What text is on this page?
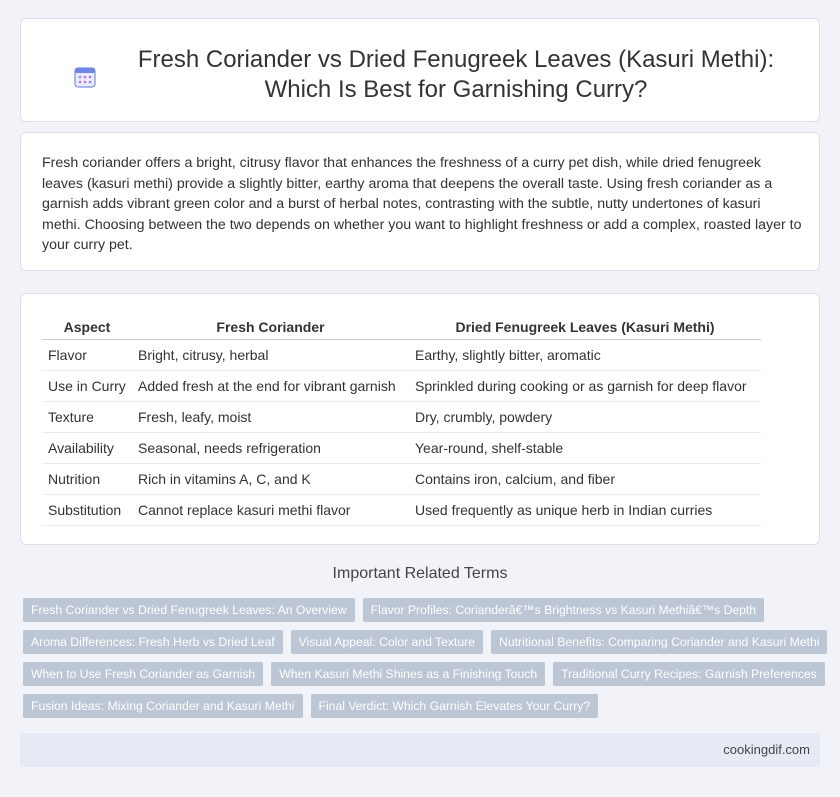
Fresh Coriander vs Dried Fenugreek Leaves (Kasuri Methi): Which Is Best for Garnishing Curry?

Fresh coriander offers a bright, citrusy flavor that enhances the freshness of a curry pet dish, while dried fenugreek leaves (kasuri methi) provide a slightly bitter, earthy aroma that deepens the overall taste. Using fresh coriander as a garnish adds vibrant green color and a burst of herbal notes, contrasting with the subtle, nutty undertones of kasuri methi. Choosing between the two depends on whether you want to highlight freshness or add a complex, roasted layer to your curry pet.

Aspect	Fresh Coriander	Dried Fenugreek Leaves (Kasuri Methi)
Flavor	Bright, citrusy, herbal	Earthy, slightly bitter, aromatic
Use in Curry	Added fresh at the end for vibrant garnish	Sprinkled during cooking or as garnish for deep flavor
Texture	Fresh, leafy, moist	Dry, crumbly, powdery
Availability	Seasonal, needs refrigeration	Year-round, shelf-stable
Nutrition	Rich in vitamins A, C, and K	Contains iron, calcium, and fiber
Substitution	Cannot replace kasuri methi flavor	Used frequently as unique herb in Indian curries
Important Related Terms
Fresh Coriander vs Dried Fenugreek Leaves: An Overview	Flavor Profiles: Corianderâ€™s Brightness vs Kasuri Methiâ€™s Depth
Aroma Differences: Fresh Herb vs Dried Leaf	Visual Appeal: Color and Texture	Nutritional Benefits: Comparing Coriander and Kasuri Methi
When to Use Fresh Coriander as Garnish	When Kasuri Methi Shines as a Finishing Touch	Traditional Curry Recipes: Garnish Preferences
Fusion Ideas: Mixing Coriander and Kasuri Methi	Final Verdict: Which Garnish Elevates Your Curry?
cookingdif.com
